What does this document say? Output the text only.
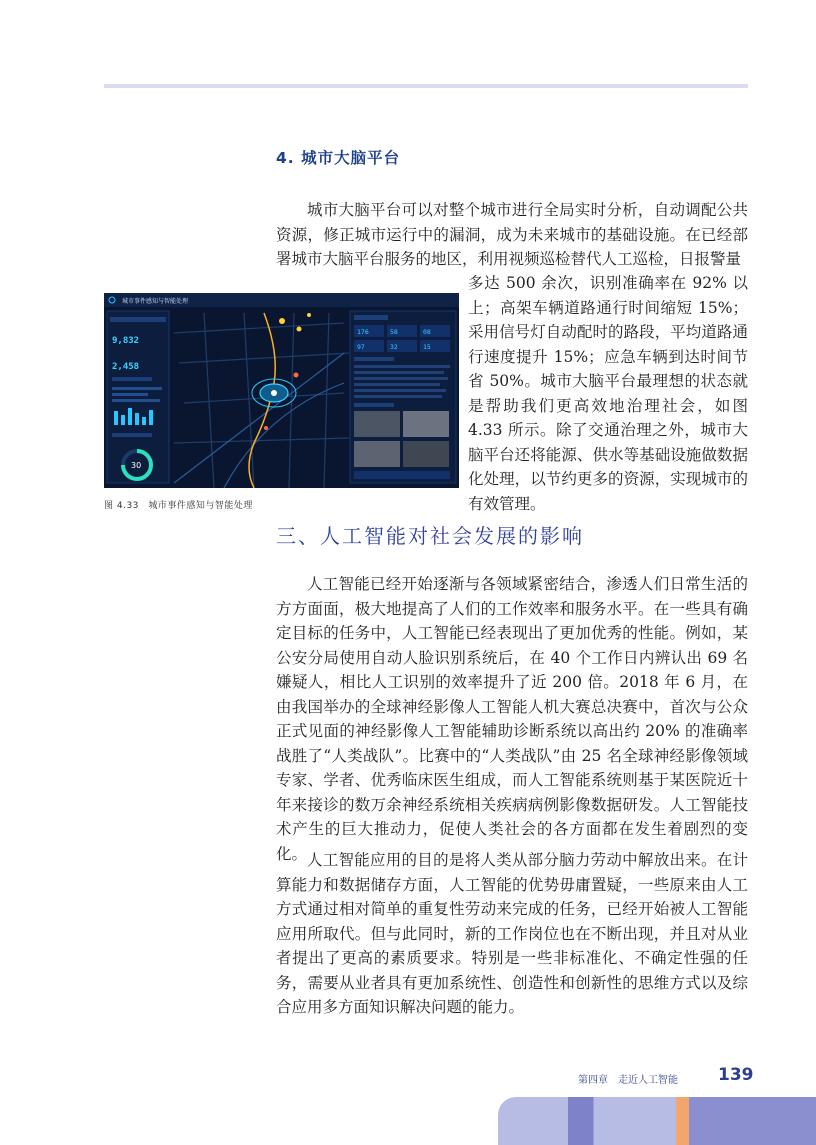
4. 城市大脑平台

城市大脑平台可以对整个城市进行全局实时分析，自动调配公共资源，修正城市运行中的漏洞，成为未来城市的基础设施。在已经部署城市大脑平台服务的地区，利用视频巡检替代人工巡检，日报警量

多达 500 余次，识别准确率在 92% 以上；高架车辆道路通行时间缩短 15%；采用信号灯自动配时的路段，平均道路通行速度提升 15%；应急车辆到达时间节省 50%。城市大脑平台最理想的状态就是帮助我们更高效地治理社会，如图 4.33 所示。除了交通治理之外，城市大脑平台还将能源、供水等基础设施做数据化处理，以节约更多的资源，实现城市的有效管理。

城市事件感知与智能处理
9,832
2,458
30
176	58	08
97	32	15
图 4.33　城市事件感知与智能处理
三、人工智能对社会发展的影响

人工智能已经开始逐渐与各领域紧密结合，渗透人们日常生活的方方面面，极大地提高了人们的工作效率和服务水平。在一些具有确定目标的任务中，人工智能已经表现出了更加优秀的性能。例如，某公安分局使用自动人脸识别系统后，在 40 个工作日内辨认出 69 名嫌疑人，相比人工识别的效率提升了近 200 倍。2018 年 6 月，在由我国举办的全球神经影像人工智能人机大赛总决赛中，首次与公众正式见面的神经影像人工智能辅助诊断系统以高出约 20% 的准确率战胜了“人类战队”。比赛中的“人类战队”由 25 名全球神经影像领域专家、学者、优秀临床医生组成，而人工智能系统则基于某医院近十年来接诊的数万余神经系统相关疾病病例影像数据研发。人工智能技术产生的巨大推动力，促使人类社会的各方面都在发生着剧烈的变化。 人工智能应用的目的是将人类从部分脑力劳动中解放出来。在计算能力和数据储存方面，人工智能的优势毋庸置疑，一些原来由人工方式通过相对简单的重复性劳动来完成的任务，已经开始被人工智能应用所取代。但与此同时，新的工作岗位也在不断出现，并且对从业者提出了更高的素质要求。特别是一些非标准化、不确定性强的任务，需要从业者具有更加系统性、创造性和创新性的思维方式以及综合应用多方面知识解决问题的能力。

第四章　走近人工智能 139
